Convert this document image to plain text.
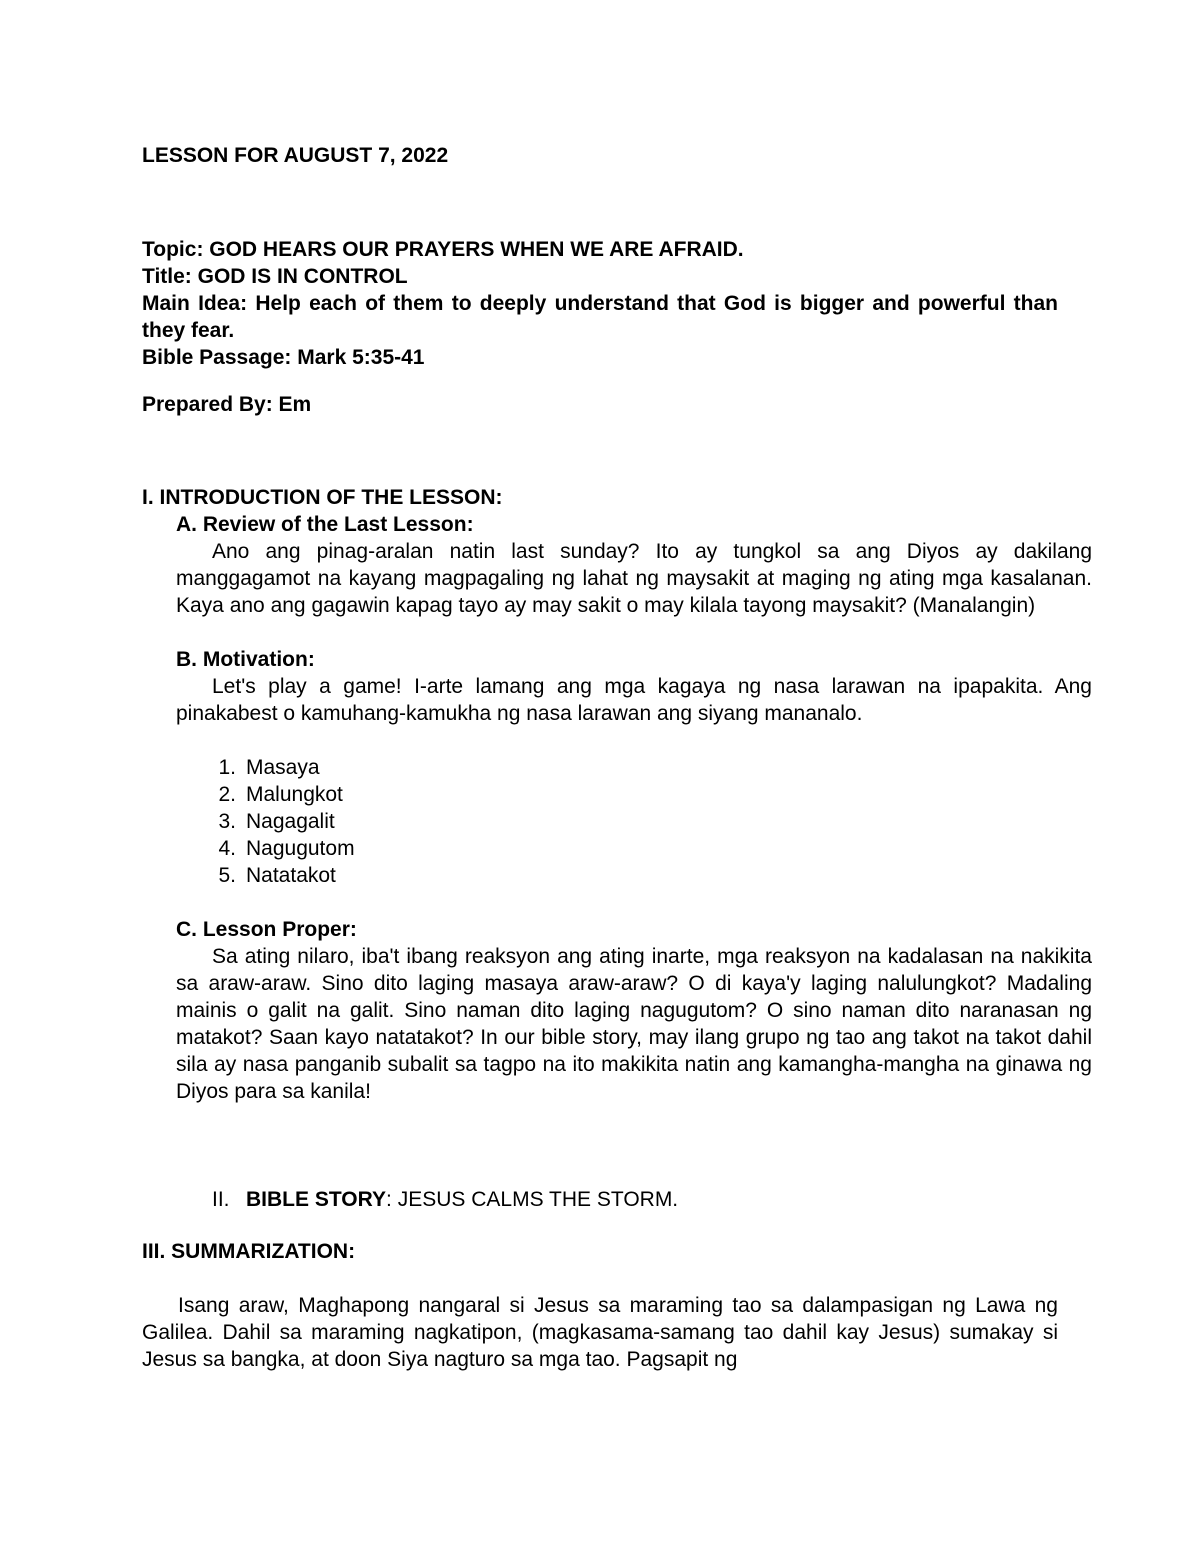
LESSON FOR AUGUST 7, 2022
Topic: GOD HEARS OUR PRAYERS WHEN WE ARE AFRAID.
Title: GOD IS IN CONTROL
Main Idea: Help each of them to deeply understand that God is bigger and powerful than they fear.
Bible Passage: Mark 5:35-41
Prepared By: Em
I. INTRODUCTION OF THE LESSON:
A. Review of the Last Lesson:
Ano ang pinag-aralan natin last sunday? Ito ay tungkol sa ang Diyos ay dakilang manggagamot na kayang magpagaling ng lahat ng maysakit at maging ng ating mga kasalanan. Kaya ano ang gagawin kapag tayo ay may sakit o may kilala tayong maysakit? (Manalangin)
B. Motivation:
Let's play a game! I-arte lamang ang mga kagaya ng nasa larawan na ipapakita. Ang pinakabest o kamuhang-kamukha ng nasa larawan ang siyang mananalo.
1. Masaya
2. Malungkot
3. Nagagalit
4. Nagugutom
5. Natatakot
C. Lesson Proper:
Sa ating nilaro, iba't ibang reaksyon ang ating inarte, mga reaksyon na kadalasan na nakikita sa araw-araw. Sino dito laging masaya araw-araw? O di kaya'y laging nalulungkot? Madaling mainis o galit na galit. Sino naman dito laging nagugutom? O sino naman dito naranasan ng matakot? Saan kayo natatakot? In our bible story, may ilang grupo ng tao ang takot na takot dahil sila ay nasa panganib subalit sa tagpo na ito makikita natin ang kamangha-mangha na ginawa ng Diyos para sa kanila!
II. BIBLE STORY: JESUS CALMS THE STORM.
III. SUMMARIZATION:
Isang araw, Maghapong nangaral si Jesus sa maraming tao sa dalampasigan ng Lawa ng Galilea. Dahil sa maraming nagkatipon, (magkasama-samang tao dahil kay Jesus) sumakay si Jesus sa bangka, at doon Siya nagturo sa mga tao. Pagsapit ng
